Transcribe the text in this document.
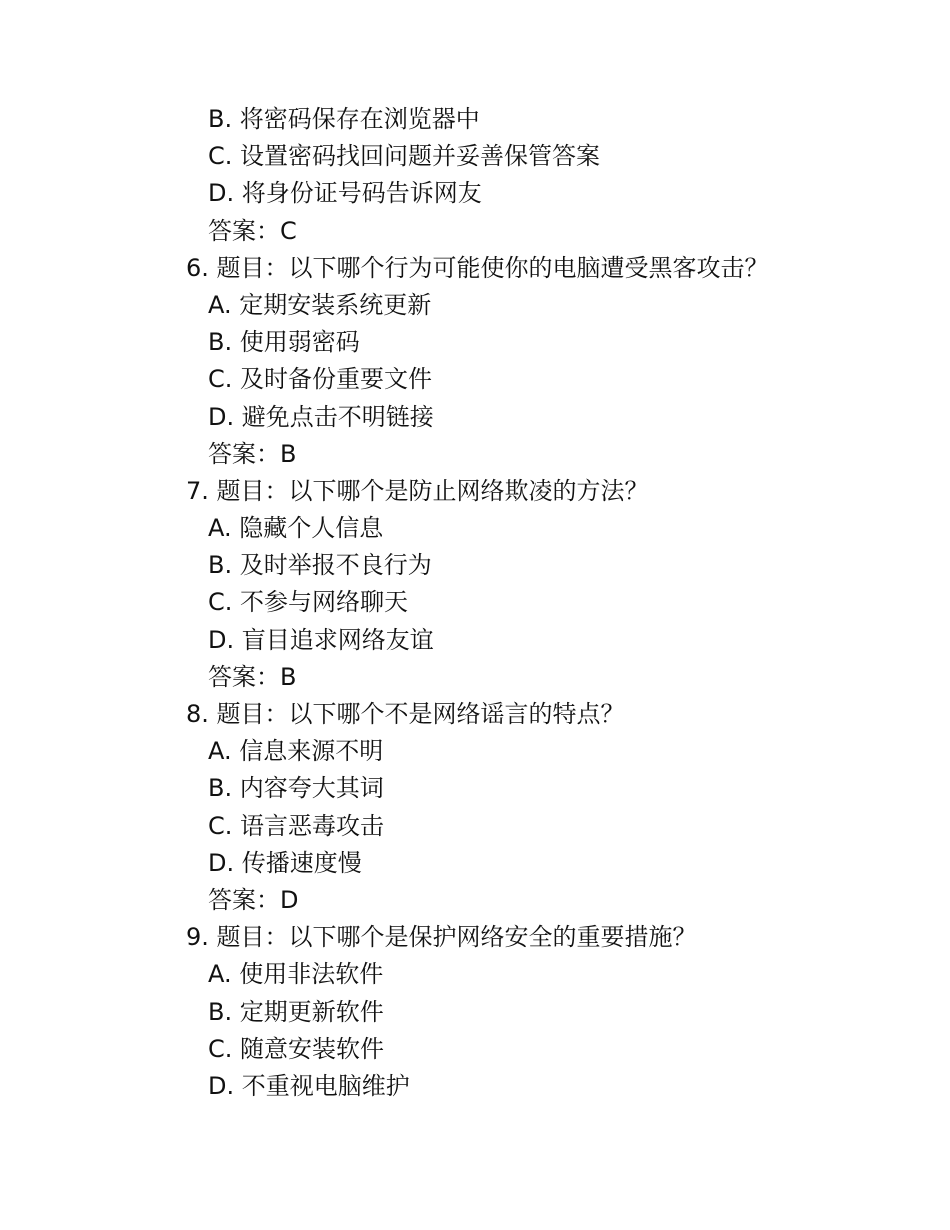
B. 将密码保存在浏览器中
C. 设置密码找回问题并妥善保管答案
D. 将身份证号码告诉网友
答案：C
6. 题目：以下哪个行为可能使你的电脑遭受黑客攻击？
A. 定期安装系统更新
B. 使用弱密码
C. 及时备份重要文件
D. 避免点击不明链接
答案：B
7. 题目：以下哪个是防止网络欺凌的方法？
A. 隐藏个人信息
B. 及时举报不良行为
C. 不参与网络聊天
D. 盲目追求网络友谊
答案：B
8. 题目：以下哪个不是网络谣言的特点？
A. 信息来源不明
B. 内容夸大其词
C. 语言恶毒攻击
D. 传播速度慢
答案：D
9. 题目：以下哪个是保护网络安全的重要措施？
A. 使用非法软件
B. 定期更新软件
C. 随意安装软件
D. 不重视电脑维护
